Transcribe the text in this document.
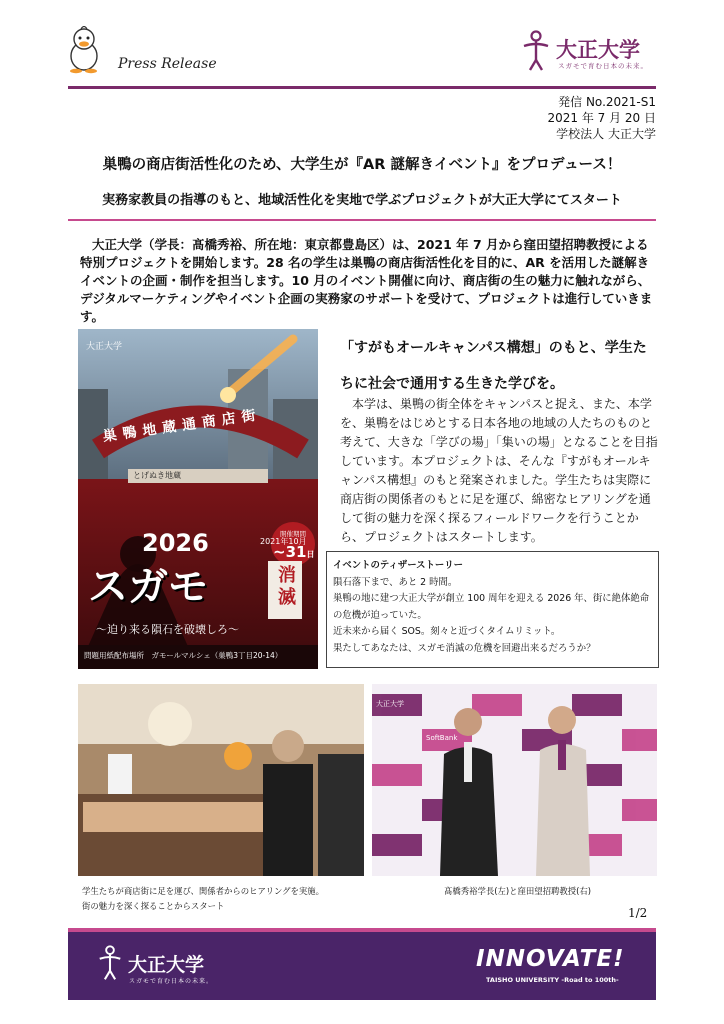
Press Release
大正大学
スガモで育む日本の未来。
発信 No.2021-S1
2021 年 7 月 20 日
学校法人 大正大学
巣鴨の商店街活性化のため、大学生が『AR 謎解きイベント』をプロデュース！
実務家教員の指導のもと、地域活性化を実地で学ぶプロジェクトが大正大学にてスタート
大正大学（学長：髙橋秀裕、所在地：東京都豊島区）は、2021 年 7 月から窪田望招聘教授による特別プロジェクトを開始します。28 名の学生は巣鴨の商店街活性化を目的に、AR を活用した謎解きイベントの企画・制作を担当します。10 月のイベント開催に向け、商店街の生の魅力に触れながら、デジタルマーケティングやイベント企画の実務家のサポートを受けて、プロジェクトは進行していきます。
大正大学
巣鴨地蔵通商店街
とげぬき地蔵
開催期間
2021年10月
~31日
2026
スガモ	消滅
～迫り来る隕石を破壊しろ～
問題用紙配布場所　ガモールマルシェ（巣鴨3丁目20-14）
「すがもオールキャンパス構想」のもと、学生た
ちに社会で通用する生きた学びを。
本学は、巣鴨の街全体をキャンパスと捉え、また、本学を、巣鴨をはじめとする日本各地の地域の人たちのものと考えて、大きな「学びの場」「集いの場」となることを目指しています。本プロジェクトは、そんな『すがもオールキャンパス構想』のもと発案されました。学生たちは実際に商店街の関係者のもとに足を運び、綿密なヒアリングを通して街の魅力を深く探るフィールドワークを行うことから、プロジェクトはスタートします。
イベントのティザーストーリー
隕石落下まで、あと 2 時間。
巣鴨の地に建つ大正大学が創立 100 周年を迎える 2026 年、街に絶体絶命の危機が迫っていた。
近未来から届く SOS。刻々と近づくタイムリミット。
果たしてあなたは、スガモ消滅の危機を回避出来るだろうか？
大正大学
SoftBank
学生たちが商店街に足を運び、関係者からのヒアリングを実施。
街の魅力を深く探ることからスタート
髙橋秀裕学長(左)と窪田望招聘教授(右)
1/2
大正大学
スガモで育む日本の未来。
INNOVATE!
TAISHO UNIVERSITY -Road to 100th-
